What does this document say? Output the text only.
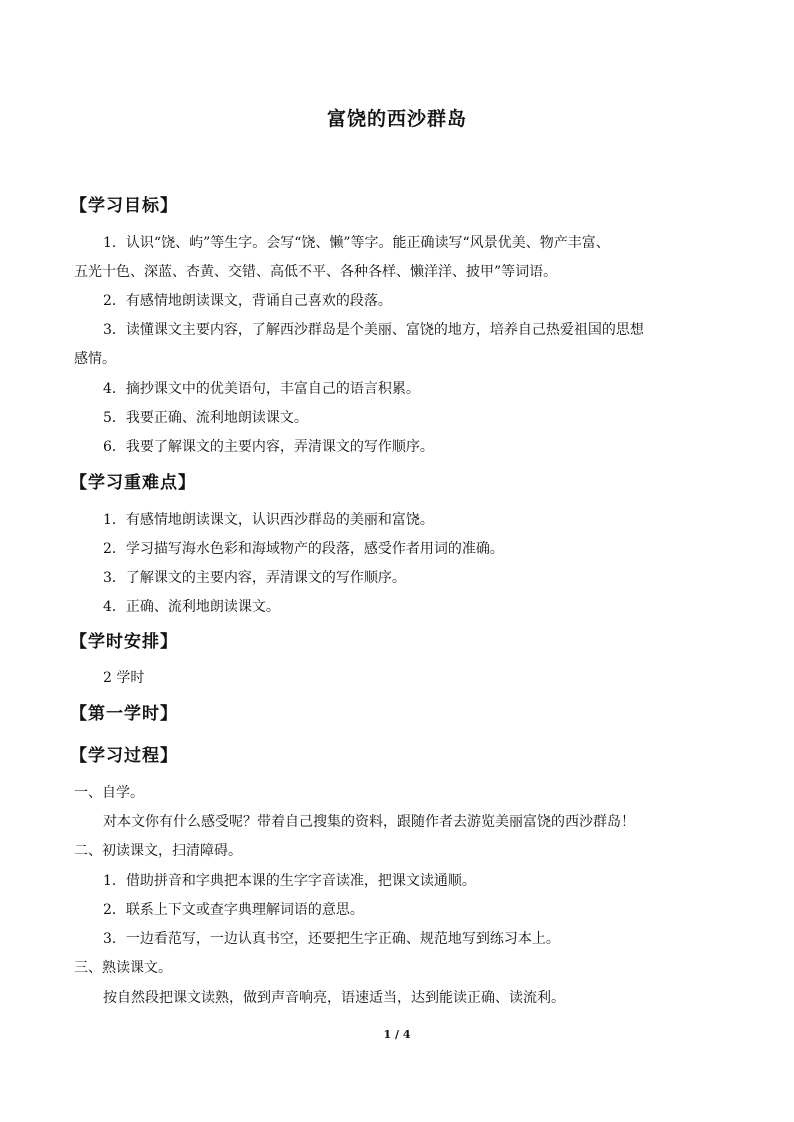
富饶的西沙群岛
【学习目标】
1．认识“饶、屿”等生字。会写“饶、懒”等字。能正确读写“风景优美、物产丰富、
五光十色、深蓝、杏黄、交错、高低不平、各种各样、懒洋洋、披甲”等词语。
2．有感情地朗读课文，背诵自己喜欢的段落。
3．读懂课文主要内容，了解西沙群岛是个美丽、富饶的地方，培养自己热爱祖国的思想
感情。
4．摘抄课文中的优美语句，丰富自己的语言积累。
5．我要正确、流利地朗读课文。
6．我要了解课文的主要内容，弄清课文的写作顺序。
【学习重难点】
1．有感情地朗读课文，认识西沙群岛的美丽和富饶。
2．学习描写海水色彩和海域物产的段落，感受作者用词的准确。
3．了解课文的主要内容，弄清课文的写作顺序。
4．正确、流利地朗读课文。
【学时安排】
2 学时
【第一学时】
【学习过程】
一、自学。
对本文你有什么感受呢？带着自己搜集的资料，跟随作者去游览美丽富饶的西沙群岛！
二、初读课文，扫清障碍。
1．借助拼音和字典把本课的生字字音读准，把课文读通顺。
2．联系上下文或查字典理解词语的意思。
3．一边看范写，一边认真书空，还要把生字正确、规范地写到练习本上。
三、熟读课文。
按自然段把课文读熟，做到声音响亮，语速适当，达到能读正确、读流利。
1 / 4
